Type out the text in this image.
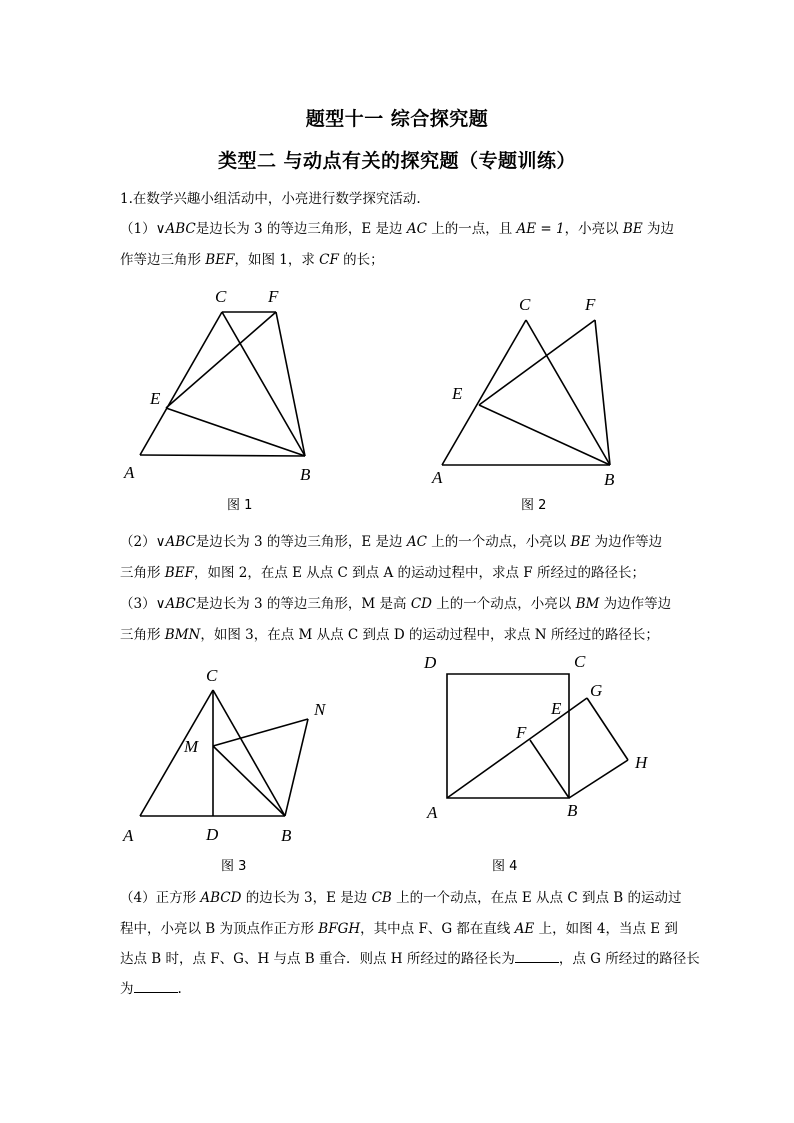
题型十一 综合探究题
类型二 与动点有关的探究题（专题训练）
1.在数学兴趣小组活动中，小亮进行数学探究活动.
（1）∨ABC是边长为 3 的等边三角形，E 是边 AC 上的一点，且 AE = 1，小亮以 BE 为边
作等边三角形 BEF，如图 1，求 CF 的长；
C F
E
A	B
图 1
C	F
E
A	B
图 2
（2）∨ABC是边长为 3 的等边三角形，E 是边 AC 上的一个动点，小亮以 BE 为边作等边
三角形 BEF，如图 2，在点 E 从点 C 到点 A 的运动过程中，求点 F 所经过的路径长；
（3）∨ABC是边长为 3 的等边三角形，M 是高 CD 上的一个动点，小亮以 BM 为边作等边
三角形 BMN，如图 3，在点 M 从点 C 到点 D 的运动过程中，求点 N 所经过的路径长；
C
N
M
A	D	B
图 3
D	C
G
E
F
H
A	B
图 4
（4）正方形 ABCD 的边长为 3，E 是边 CB 上的一个动点，在点 E 从点 C 到点 B 的运动过
程中，小亮以 B 为顶点作正方形 BFGH，其中点 F、G 都在直线 AE 上，如图 4，当点 E 到
达点 B 时，点 F、G、H 与点 B 重合．则点 H 所经过的路径长为	，点 G 所经过的路径长
为	.
